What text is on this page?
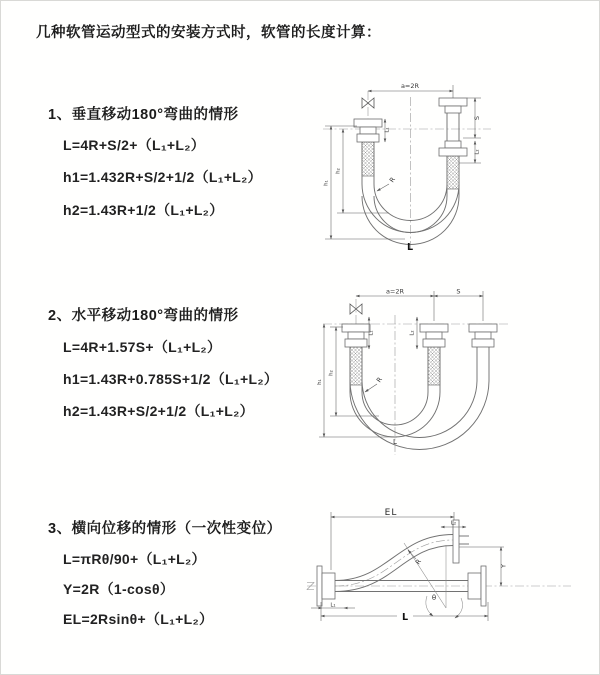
几种软管运动型式的安装方式时，软管的长度计算：
1、垂直移动180°弯曲的情形
L=4R+S/2+（L₁+L₂）
h1=1.432R+S/2+1/2（L₁+L₂）
h2=1.43R+1/2（L₁+L₂）
a=2R
S
L₂
L₁
h₁
h₂
R
L
2、水平移动180°弯曲的情形
L=4R+1.57S+（L₁+L₂）
h1=1.43R+0.785S+1/2（L₁+L₂）
h2=1.43R+S/2+1/2（L₁+L₂）
a=2R	S
h₁
h₂
L₁	L₂
R
L
3、横向位移的情形（一次性变位）
L=πRθ/90+（L₁+L₂）
Y=2R（1-cosθ）
EL=2Rsinθ+（L₁+L₂）
EL
L₂
Y
R
θ
L
L₁
